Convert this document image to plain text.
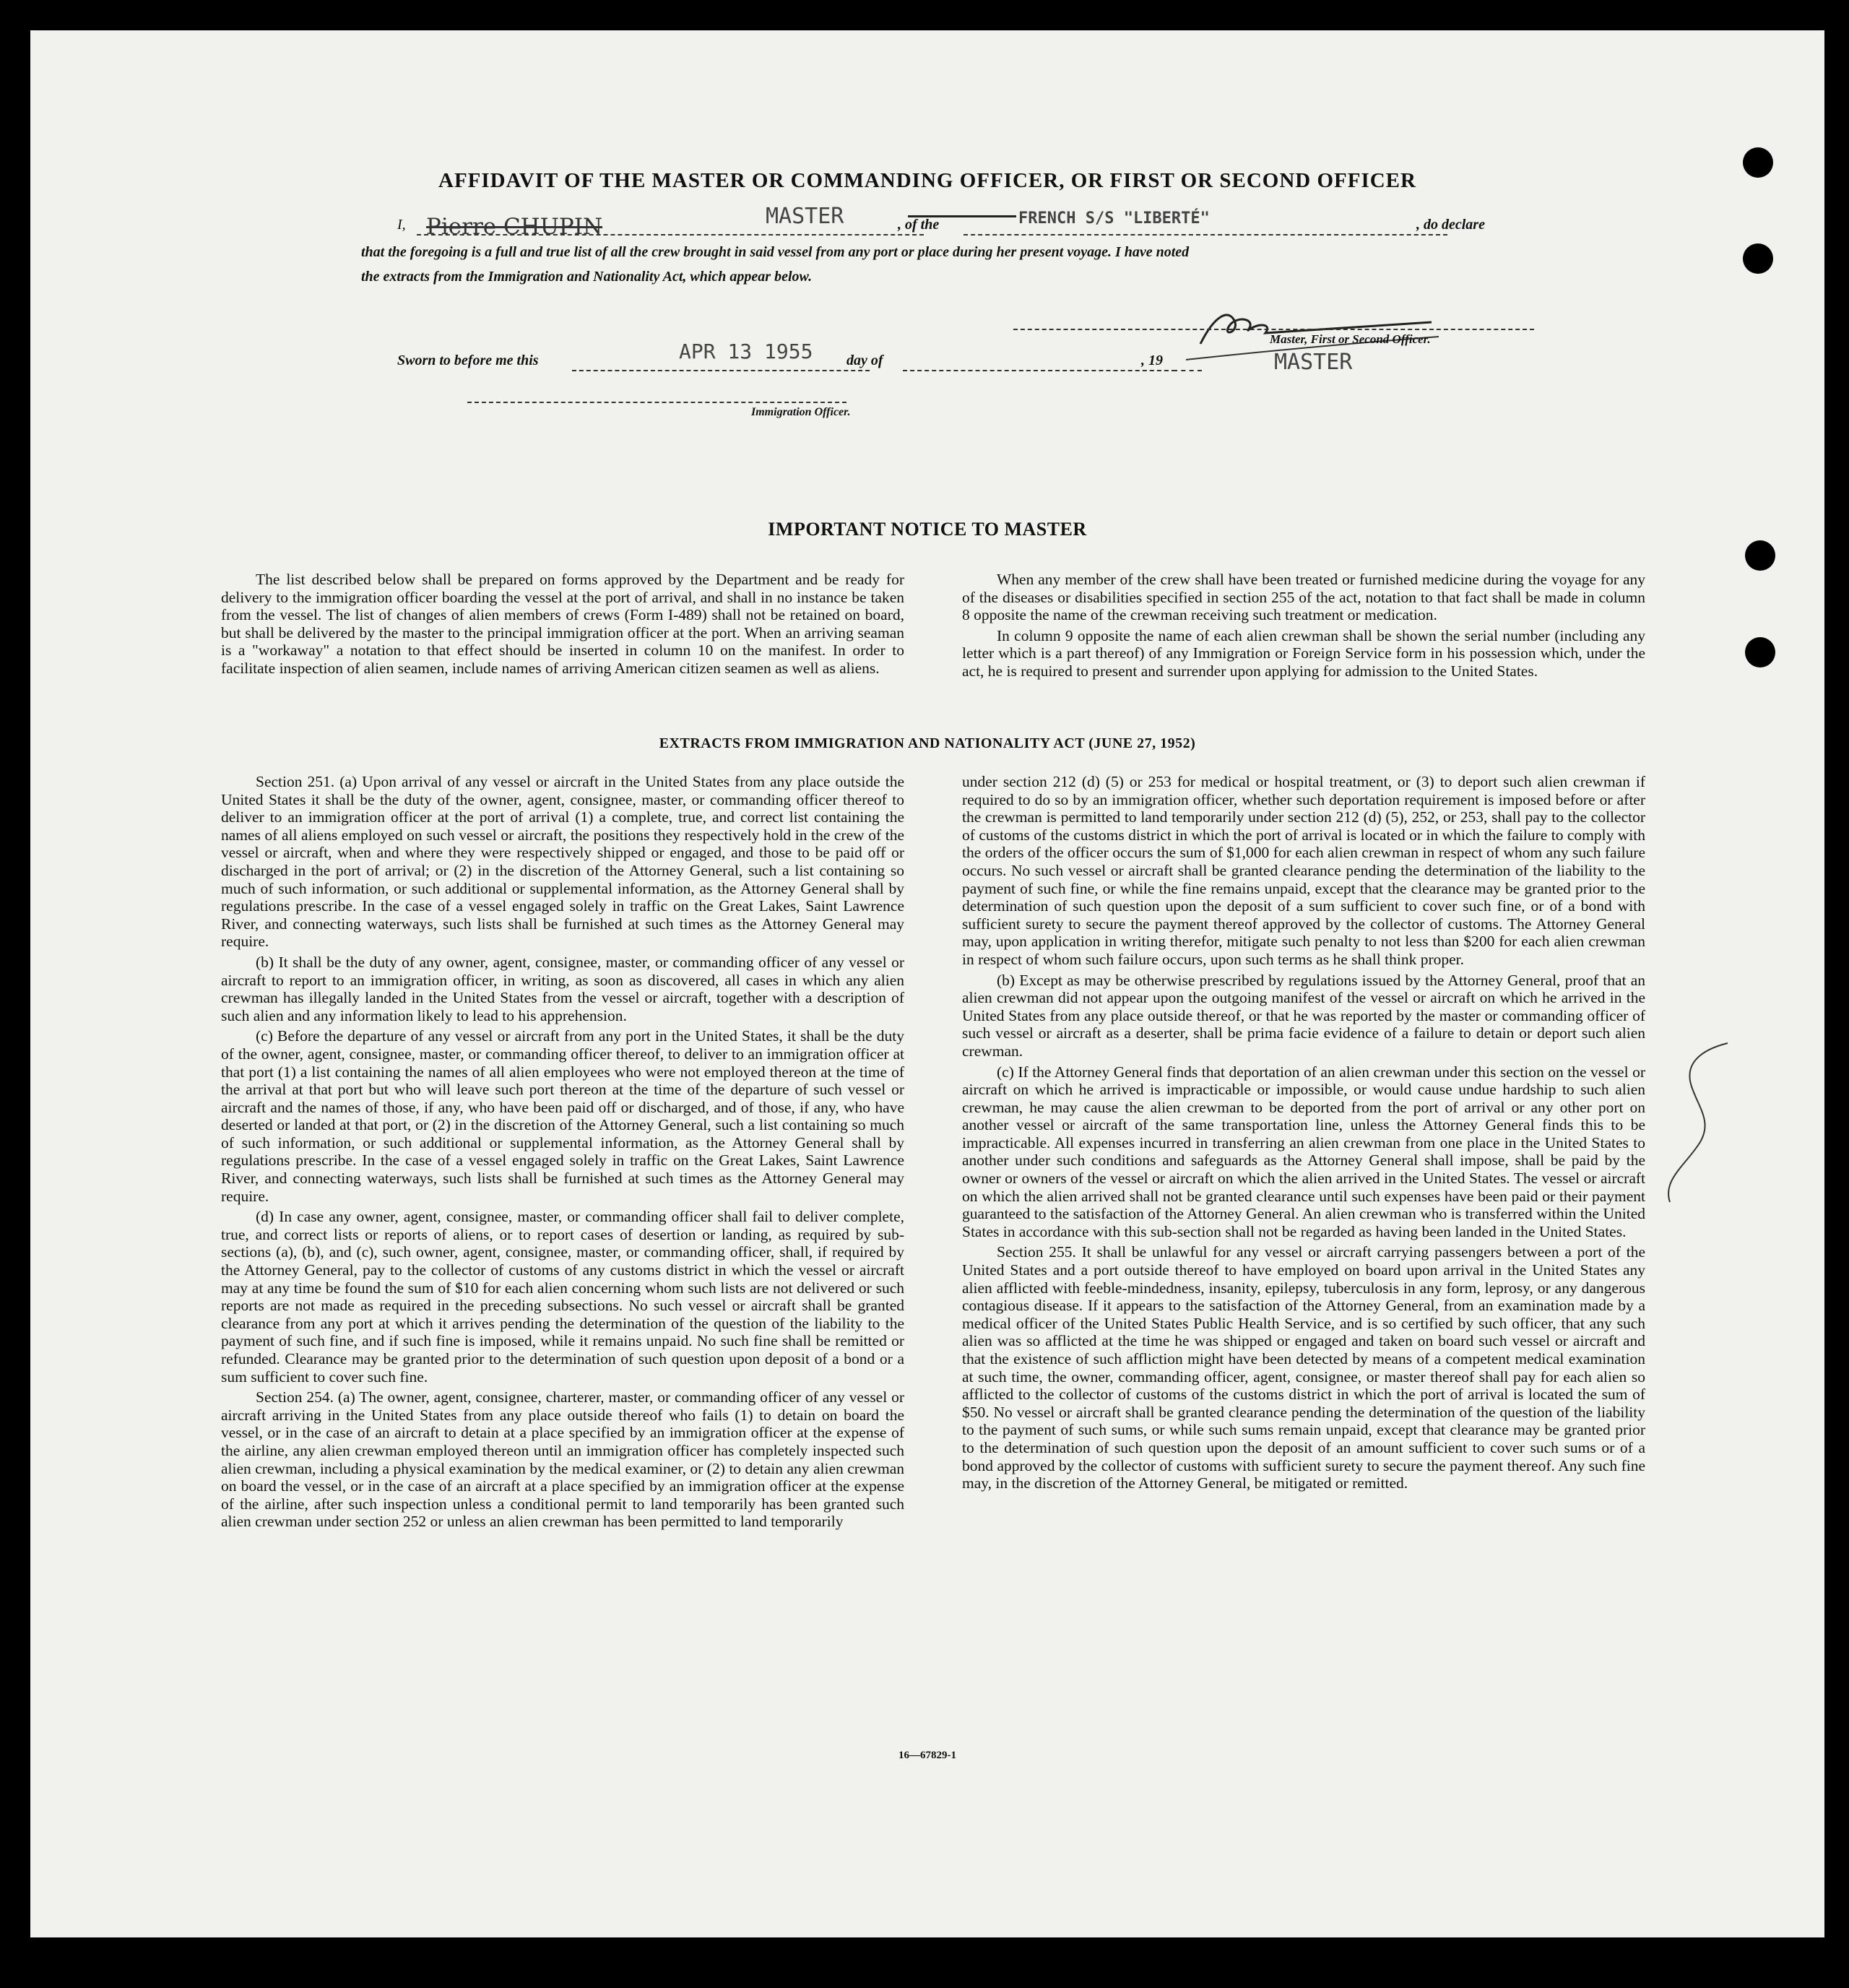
AFFIDAVIT OF THE MASTER OR COMMANDING OFFICER, OR FIRST OR SECOND OFFICER
I, Pierre CHUPIN	MASTER	, of the	FRENCH S/S "LIBERTÉ"	, do declare
that the foregoing is a full and true list of all the crew brought in said vessel from any port or place during her present voyage. I have noted
the extracts from the Immigration and Nationality Act, which appear below.
Master, First or Second Officer.
Sworn to before me this	APR 13 1955 day of	, 19	MASTER
Immigration Officer.
IMPORTANT NOTICE TO MASTER

The list described below shall be prepared on forms approved by the Department and be ready for delivery to the immigration officer boarding the vessel at the port of arrival, and shall in no instance be taken from the vessel. The list of changes of alien members of crews (Form I-489) shall not be retained on board, but shall be delivered by the master to the principal immigration officer at the port. When an arriving seaman is a "workaway" a notation to that effect should be inserted in column 10 on the manifest. In order to facilitate inspection of alien seamen, include names of arriving American citizen seamen as well as aliens.

When any member of the crew shall have been treated or furnished medicine during the voyage for any of the diseases or disabilities specified in section 255 of the act, notation to that fact shall be made in column 8 opposite the name of the crewman receiving such treatment or medication.

In column 9 opposite the name of each alien crewman shall be shown the serial number (including any letter which is a part thereof) of any Immigration or Foreign Service form in his possession which, under the act, he is required to present and surrender upon applying for admission to the United States.

EXTRACTS FROM IMMIGRATION AND NATIONALITY ACT (JUNE 27, 1952)

Section 251. (a) Upon arrival of any vessel or aircraft in the United States from any place outside the United States it shall be the duty of the owner, agent, consignee, master, or commanding officer thereof to deliver to an immigration officer at the port of arrival (1) a complete, true, and correct list containing the names of all aliens employed on such vessel or aircraft, the positions they respectively hold in the crew of the vessel or aircraft, when and where they were respectively shipped or engaged, and those to be paid off or discharged in the port of arrival; or (2) in the discretion of the Attorney General, such a list containing so much of such information, or such additional or supplemental information, as the Attorney General shall by regulations prescribe. In the case of a vessel engaged solely in traffic on the Great Lakes, Saint Lawrence River, and connecting waterways, such lists shall be furnished at such times as the Attorney General may require.

(b) It shall be the duty of any owner, agent, consignee, master, or commanding officer of any vessel or aircraft to report to an immigration officer, in writing, as soon as discovered, all cases in which any alien crewman has illegally landed in the United States from the vessel or aircraft, together with a description of such alien and any information likely to lead to his apprehension.

(c) Before the departure of any vessel or aircraft from any port in the United States, it shall be the duty of the owner, agent, consignee, master, or commanding officer thereof, to deliver to an immigration officer at that port (1) a list containing the names of all alien employees who were not employed thereon at the time of the arrival at that port but who will leave such port thereon at the time of the departure of such vessel or aircraft and the names of those, if any, who have been paid off or discharged, and of those, if any, who have deserted or landed at that port, or (2) in the discretion of the Attorney General, such a list containing so much of such information, or such additional or supplemental information, as the Attorney General shall by regulations prescribe. In the case of a vessel engaged solely in traffic on the Great Lakes, Saint Lawrence River, and connecting waterways, such lists shall be furnished at such times as the Attorney General may require.

(d) In case any owner, agent, consignee, master, or commanding officer shall fail to deliver complete, true, and correct lists or reports of aliens, or to report cases of desertion or landing, as required by sub-sections (a), (b), and (c), such owner, agent, consignee, master, or commanding officer, shall, if required by the Attorney General, pay to the collector of customs of any customs district in which the vessel or aircraft may at any time be found the sum of $10 for each alien concerning whom such lists are not delivered or such reports are not made as required in the preceding subsections. No such vessel or aircraft shall be granted clearance from any port at which it arrives pending the determination of the question of the liability to the payment of such fine, and if such fine is imposed, while it remains unpaid. No such fine shall be remitted or refunded. Clearance may be granted prior to the determination of such question upon deposit of a bond or a sum sufficient to cover such fine.

Section 254. (a) The owner, agent, consignee, charterer, master, or commanding officer of any vessel or aircraft arriving in the United States from any place outside thereof who fails (1) to detain on board the vessel, or in the case of an aircraft to detain at a place specified by an immigration officer at the expense of the airline, any alien crewman employed thereon until an immigration officer has completely inspected such alien crewman, including a physical examination by the medical examiner, or (2) to detain any alien crewman on board the vessel, or in the case of an aircraft at a place specified by an immigration officer at the expense of the airline, after such inspection unless a conditional permit to land temporarily has been granted such alien crewman under section 252 or unless an alien crewman has been permitted to land temporarily

under section 212 (d) (5) or 253 for medical or hospital treatment, or (3) to deport such alien crewman if required to do so by an immigration officer, whether such deportation requirement is imposed before or after the crewman is permitted to land temporarily under section 212 (d) (5), 252, or 253, shall pay to the collector of customs of the customs district in which the port of arrival is located or in which the failure to comply with the orders of the officer occurs the sum of $1,000 for each alien crewman in respect of whom any such failure occurs. No such vessel or aircraft shall be granted clearance pending the determination of the liability to the payment of such fine, or while the fine remains unpaid, except that the clearance may be granted prior to the determination of such question upon the deposit of a sum sufficient to cover such fine, or of a bond with sufficient surety to secure the payment thereof approved by the collector of customs. The Attorney General may, upon application in writing therefor, mitigate such penalty to not less than $200 for each alien crewman in respect of whom such failure occurs, upon such terms as he shall think proper.

(b) Except as may be otherwise prescribed by regulations issued by the Attorney General, proof that an alien crewman did not appear upon the outgoing manifest of the vessel or aircraft on which he arrived in the United States from any place outside thereof, or that he was reported by the master or commanding officer of such vessel or aircraft as a deserter, shall be prima facie evidence of a failure to detain or deport such alien crewman.

(c) If the Attorney General finds that deportation of an alien crewman under this section on the vessel or aircraft on which he arrived is impracticable or impossible, or would cause undue hardship to such alien crewman, he may cause the alien crewman to be deported from the port of arrival or any other port on another vessel or aircraft of the same transportation line, unless the Attorney General finds this to be impracticable. All expenses incurred in transferring an alien crewman from one place in the United States to another under such conditions and safeguards as the Attorney General shall impose, shall be paid by the owner or owners of the vessel or aircraft on which the alien arrived in the United States. The vessel or aircraft on which the alien arrived shall not be granted clearance until such expenses have been paid or their payment guaranteed to the satisfaction of the Attorney General. An alien crewman who is transferred within the United States in accordance with this sub-section shall not be regarded as having been landed in the United States.

Section 255. It shall be unlawful for any vessel or aircraft carrying passengers between a port of the United States and a port outside thereof to have employed on board upon arrival in the United States any alien afflicted with feeble-mindedness, insanity, epilepsy, tuberculosis in any form, leprosy, or any dangerous contagious disease. If it appears to the satisfaction of the Attorney General, from an examination made by a medical officer of the United States Public Health Service, and is so certified by such officer, that any such alien was so afflicted at the time he was shipped or engaged and taken on board such vessel or aircraft and that the existence of such affliction might have been detected by means of a competent medical examination at such time, the owner, commanding officer, agent, consignee, or master thereof shall pay for each alien so afflicted to the collector of customs of the customs district in which the port of arrival is located the sum of $50. No vessel or aircraft shall be granted clearance pending the determination of the question of the liability to the payment of such sums, or while such sums remain unpaid, except that clearance may be granted prior to the determination of such question upon the deposit of an amount sufficient to cover such sums or of a bond approved by the collector of customs with sufficient surety to secure the payment thereof. Any such fine may, in the discretion of the Attorney General, be mitigated or remitted.

16—67829-1
